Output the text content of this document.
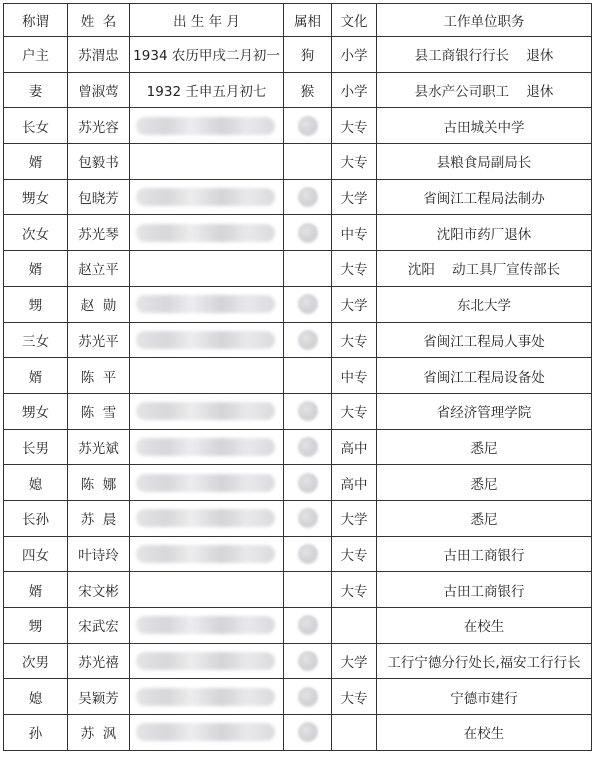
称谓	姓  名	出 生 年 月	属相	文化	工作单位职务
户主	苏渭忠	1934 农历甲戌二月初一	狗	小学	县工商银行行长    退休
妻	曾淑莺	1932 壬申五月初七	猴	小学	县水产公司职工    退休
长女	苏光容			大专	古田城关中学
婿	包毅书			大专	县粮食局副局长
甥女	包晓芳			大学	省闽江工程局法制办
次女	苏光琴			中专	沈阳市药厂退休
婿	赵立平			大专	沈阳    动工具厂宣传部长
甥	赵  勋			大学	东北大学
三女	苏光平			大专	省闽江工程局人事处
婿	陈  平			中专	省闽江工程局设备处
甥女	陈  雪			大专	省经济管理学院
长男	苏光斌			高中	悉尼
媳	陈  娜			高中	悉尼
长孙	苏  晨			大学	悉尼
四女	叶诗玲			大专	古田工商银行
婿	宋文彬			大专	古田工商银行
甥	宋武宏				在校生
次男	苏光禧			大学	工行宁德分行处长,福安工行行长
媳	吴颖芳			大专	宁德市建行
孙	苏  沨				在校生
